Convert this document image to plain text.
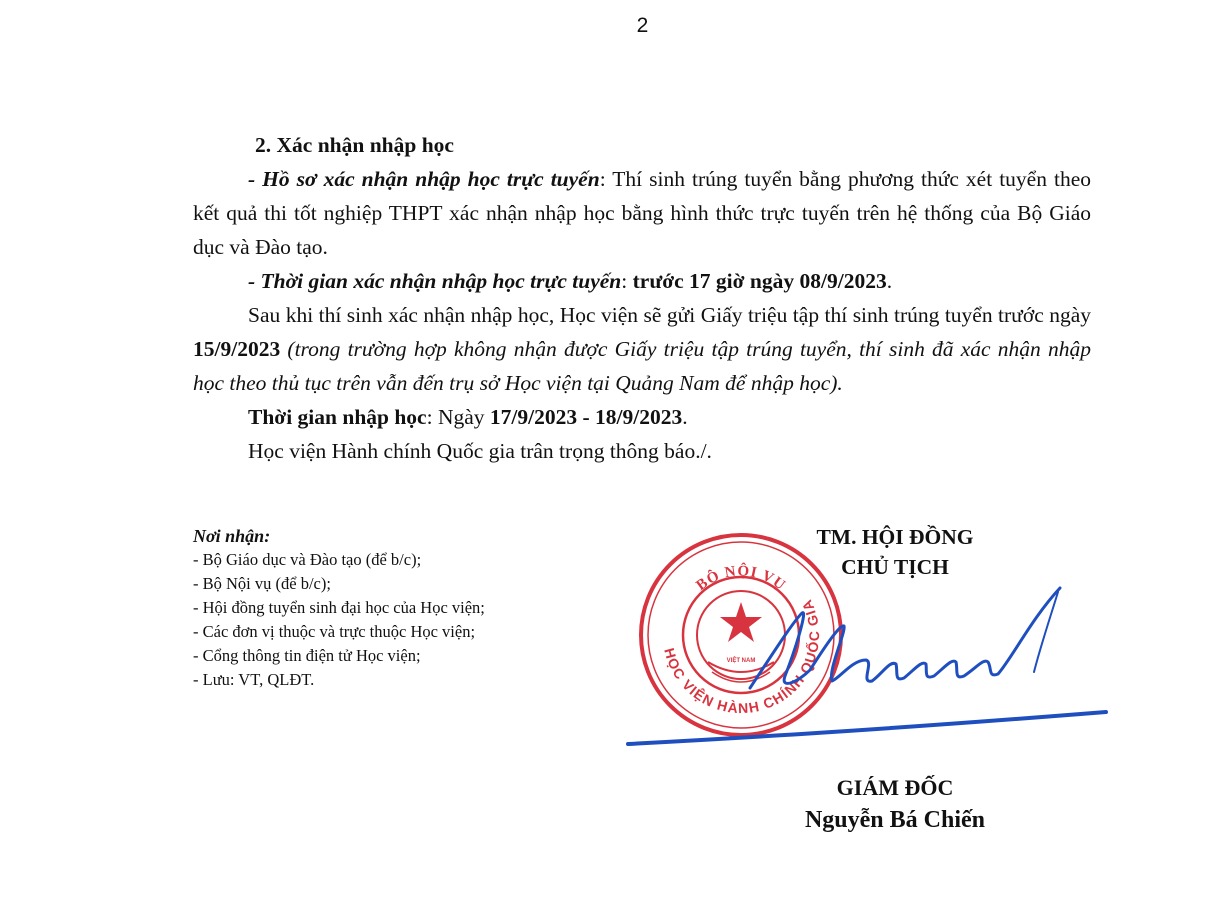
2

2. Xác nhận nhập học

- Hồ sơ xác nhận nhập học trực tuyến: Thí sinh trúng tuyển bằng phương thức xét tuyển theo kết quả thi tốt nghiệp THPT xác nhận nhập học bằng hình thức trực tuyến trên hệ thống của Bộ Giáo dục và Đào tạo.

- Thời gian xác nhận nhập học trực tuyến: trước 17 giờ ngày 08/9/2023.

Sau khi thí sinh xác nhận nhập học, Học viện sẽ gửi Giấy triệu tập thí sinh trúng tuyển trước ngày 15/9/2023 (trong trường hợp không nhận được Giấy triệu tập trúng tuyển, thí sinh đã xác nhận nhập học theo thủ tục trên vẫn đến trụ sở Học viện tại Quảng Nam để nhập học).

Thời gian nhập học: Ngày 17/9/2023 - 18/9/2023.

Học viện Hành chính Quốc gia trân trọng thông báo./.

Nơi nhận:
- Bộ Giáo dục và Đào tạo (để b/c);
- Bộ Nội vụ (để b/c);
- Hội đồng tuyển sinh đại học của Học viện;
- Các đơn vị thuộc và trực thuộc Học viện;
- Cổng thông tin điện tử Học viện;
- Lưu: VT, QLĐT.
TM. HỘI ĐỒNG
CHỦ TỊCH
BỘ NỘI VỤ
HỌC VIỆN HÀNH CHÍNH QUỐC GIA
VIỆT NAM
GIÁM ĐỐC
Nguyễn Bá Chiến
